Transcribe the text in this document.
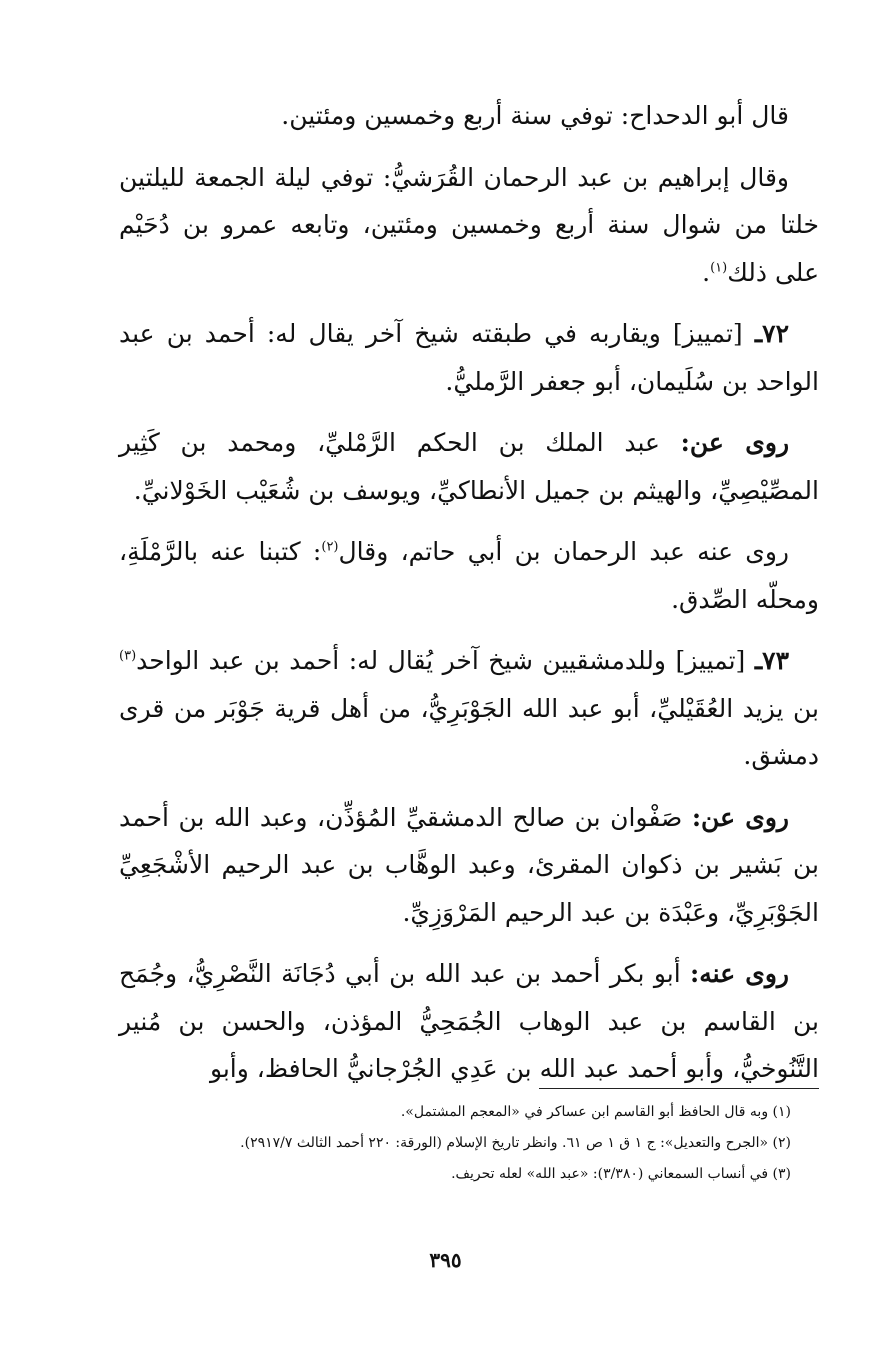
قال أبو الدحداح: توفي سنة أربع وخمسين ومئتين.

وقال إبراهيم بن عبد الرحمان القُرَشيُّ: توفي ليلة الجمعة لليلتين خلتا من شوال سنة أربع وخمسين ومئتين، وتابعه عمرو بن دُحَيْم على ذلك$^{(١)}$.

٧٢ـ [تمييز] ويقاربه في طبقته شيخ آخر يقال له: أحمد بن عبد الواحد بن سُلَيمان، أبو جعفر الرَّمليُّ.

روى عن: عبد الملك بن الحكم الرَّمْليِّ، ومحمد بن كَثِير المصِّيْصِيِّ، والهيثم بن جميل الأنطاكيِّ، ويوسف بن شُعَيْب الخَوْلانيِّ.

روى عنه عبد الرحمان بن أبي حاتم، وقال$^{(٢)}$: كتبنا عنه بالرَّمْلَةِ، ومحلّه الصِّدق.

٧٣ـ [تمييز] وللدمشقيين شيخ آخر يُقال له: أحمد بن عبد الواحد$^{(٣)}$ بن يزيد العُقَيْليِّ، أبو عبد الله الجَوْبَرِيُّ، من أهل قرية جَوْبَر من قرى دمشق.

روى عن: صَفْوان بن صالح الدمشقيِّ المُؤذِّن، وعبد الله بن أحمد بن بَشير بن ذكوان المقرئ، وعبد الوهَّاب بن عبد الرحيم الأشْجَعِيِّ الجَوْبَرِيِّ، وعَبْدَة بن عبد الرحيم المَرْوَزِيِّ.

روى عنه: أبو بكر أحمد بن عبد الله بن أبي دُجَانَة النَّصْرِيُّ، وجُمَح بن القاسم بن عبد الوهاب الجُمَحِيُّ المؤذن، والحسن بن مُنير التَّنُوخيُّ، وأبو أحمد عبد الله بن عَدِي الجُرْجانيُّ الحافظ، وأبو

(١) وبه قال الحافظ أبو القاسم ابن عساكر في «المعجم المشتمل».

(٢) «الجرح والتعديل»: ج ١ ق ١ ص ٦١. وانظر تاريخ الإسلام (الورقة: ٢٢٠ أحمد الثالث ٢٩١٧/٧).

(٣) في أنساب السمعاني (٣/٣٨٠): «عبد الله» لعله تحريف.

٣٩٥
